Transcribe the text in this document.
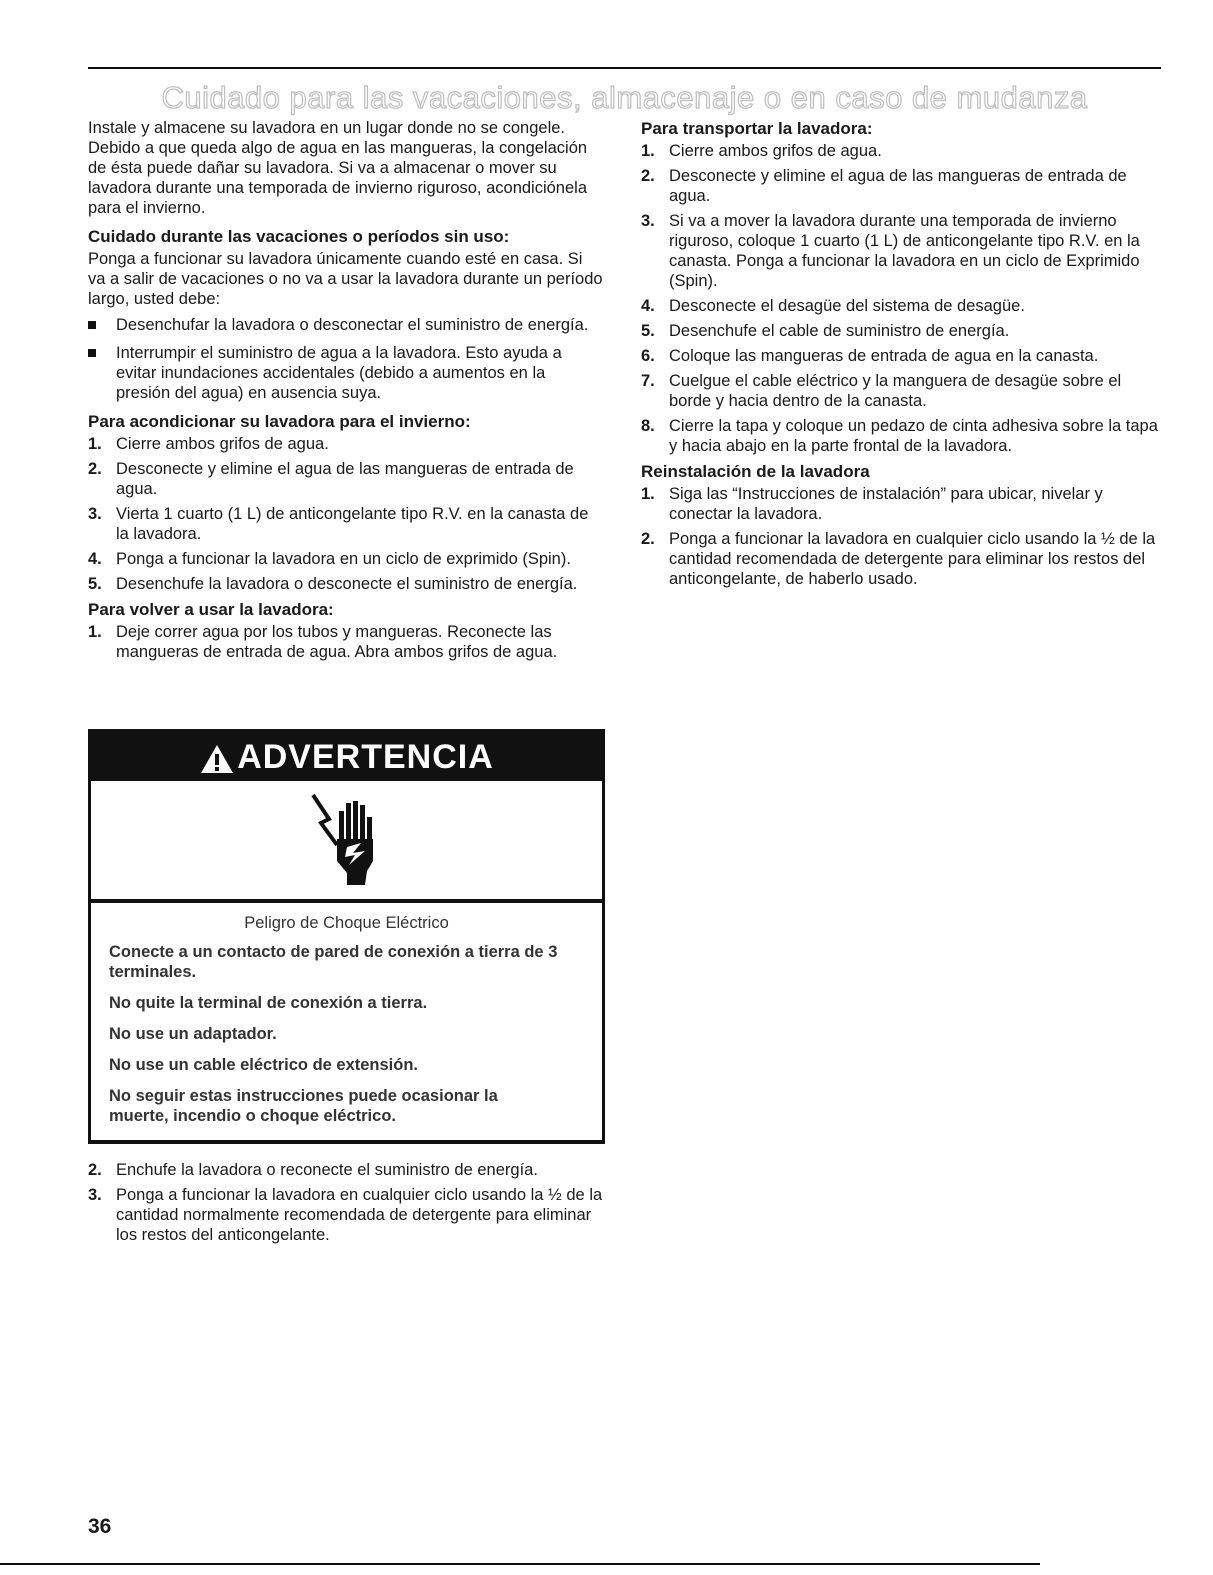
Cuidado para las vacaciones, almacenaje o en caso de mudanza

Instale y almacene su lavadora en un lugar donde no se congele. Debido a que queda algo de agua en las mangueras, la congelación de ésta puede dañar su lavadora. Si va a almacenar o mover su lavadora durante una temporada de invierno riguroso, acondiciónela para el invierno.

Cuidado durante las vacaciones o períodos sin uso:

Ponga a funcionar su lavadora únicamente cuando esté en casa. Si va a salir de vacaciones o no va a usar la lavadora durante un período largo, usted debe:

Desenchufar la lavadora o desconectar el suministro de energía.
Interrumpir el suministro de agua a la lavadora. Esto ayuda a evitar inundaciones accidentales (debido a aumentos en la presión del agua) en ausencia suya.
Para acondicionar su lavadora para el invierno:
1. Cierre ambos grifos de agua.
2. Desconecte y elimine el agua de las mangueras de entrada de agua.
3. Vierta 1 cuarto (1 L) de anticongelante tipo R.V. en la canasta de la lavadora.
4. Ponga a funcionar la lavadora en un ciclo de exprimido (Spin).
5. Desenchufe la lavadora o desconecte el suministro de energía.
Para volver a usar la lavadora:
1. Deje correr agua por los tubos y mangueras. Reconecte las mangueras de entrada de agua. Abra ambos grifos de agua.
ADVERTENCIA

Peligro de Choque Eléctrico

Conecte a un contacto de pared de conexión a tierra de 3 terminales.

No quite la terminal de conexión a tierra.

No use un adaptador.

No use un cable eléctrico de extensión.

No seguir estas instrucciones puede ocasionar la muerte, incendio o choque eléctrico.

2. Enchufe la lavadora o reconecte el suministro de energía.
3. Ponga a funcionar la lavadora en cualquier ciclo usando la ½ de la cantidad normalmente recomendada de detergente para eliminar los restos del anticongelante.
Para transportar la lavadora:
1. Cierre ambos grifos de agua.
2. Desconecte y elimine el agua de las mangueras de entrada de agua.
3. Si va a mover la lavadora durante una temporada de invierno riguroso, coloque 1 cuarto (1 L) de anticongelante tipo R.V. en la canasta. Ponga a funcionar la lavadora en un ciclo de Exprimido (Spin).
4. Desconecte el desagüe del sistema de desagüe.
5. Desenchufe el cable de suministro de energía.
6. Coloque las mangueras de entrada de agua en la canasta.
7. Cuelgue el cable eléctrico y la manguera de desagüe sobre el borde y hacia dentro de la canasta.
8. Cierre la tapa y coloque un pedazo de cinta adhesiva sobre la tapa y hacia abajo en la parte frontal de la lavadora.
Reinstalación de la lavadora
1. Siga las “Instrucciones de instalación” para ubicar, nivelar y conectar la lavadora.
2. Ponga a funcionar la lavadora en cualquier ciclo usando la ½ de la cantidad recomendada de detergente para eliminar los restos del anticongelante, de haberlo usado.
36
